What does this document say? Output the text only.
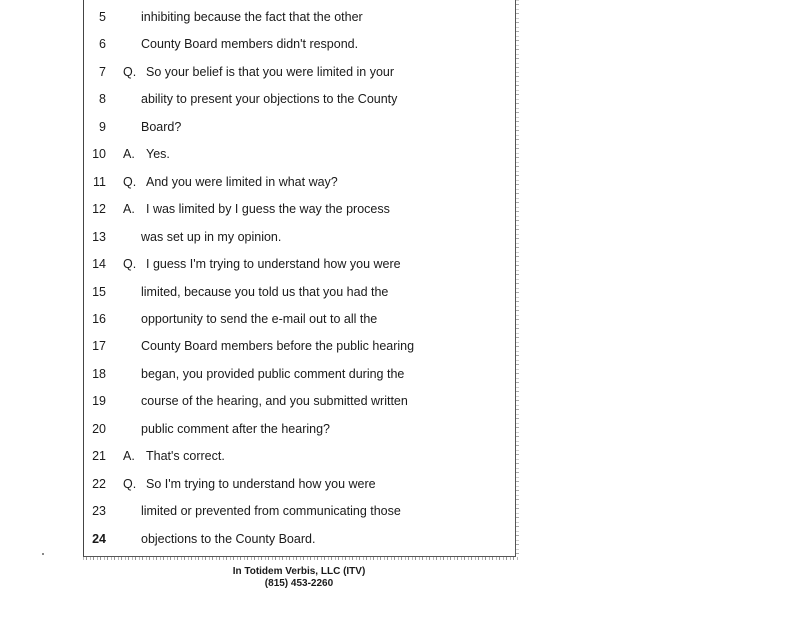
5	inhibiting because the fact that the other
6	County Board members didn't respond.
7 Q. So your belief is that you were limited in your
8	ability to present your objections to the County
9	Board?
10 A. Yes.
11 Q. And you were limited in what way?
12 A. I was limited by I guess the way the process
13	was set up in my opinion.
14 Q. I guess I'm trying to understand how you were
15	limited, because you told us that you had the
16	opportunity to send the e-mail out to all the
17	County Board members before the public hearing
18	began, you provided public comment during the
19	course of the hearing, and you submitted written
20	public comment after the hearing?
21 A. That's correct.
22 Q. So I'm trying to understand how you were
23	limited or prevented from communicating those
24	objections to the County Board.
In Totidem Verbis, LLC (ITV)
(815) 453-2260
